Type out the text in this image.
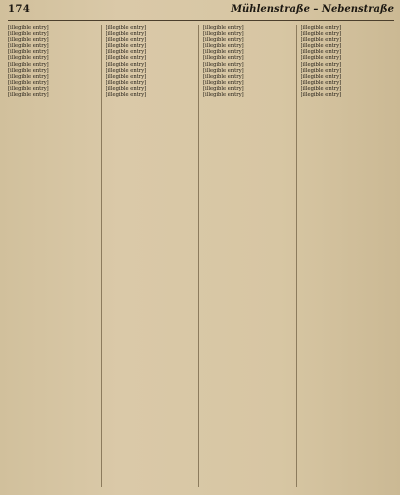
174	Mühlenstraße – Nebenstraße
[illegible entry]
[illegible entry]
[illegible entry]
[illegible entry]
[illegible entry]
[illegible entry]
[illegible entry]
[illegible entry]
[illegible entry]
[illegible entry]
[illegible entry]
[illegible entry]
[illegible entry]
[illegible entry]
[illegible entry]
[illegible entry]
[illegible entry]
[illegible entry]
[illegible entry]
[illegible entry]
[illegible entry]
[illegible entry]
[illegible entry]
[illegible entry]
[illegible entry]
[illegible entry]
[illegible entry]
[illegible entry]
[illegible entry]
[illegible entry]
[illegible entry]
[illegible entry]
[illegible entry]
[illegible entry]
[illegible entry]
[illegible entry]
[illegible entry]
[illegible entry]
[illegible entry]
[illegible entry]
[illegible entry]
[illegible entry]
[illegible entry]
[illegible entry]
[illegible entry]
[illegible entry]
[illegible entry]
[illegible entry]
